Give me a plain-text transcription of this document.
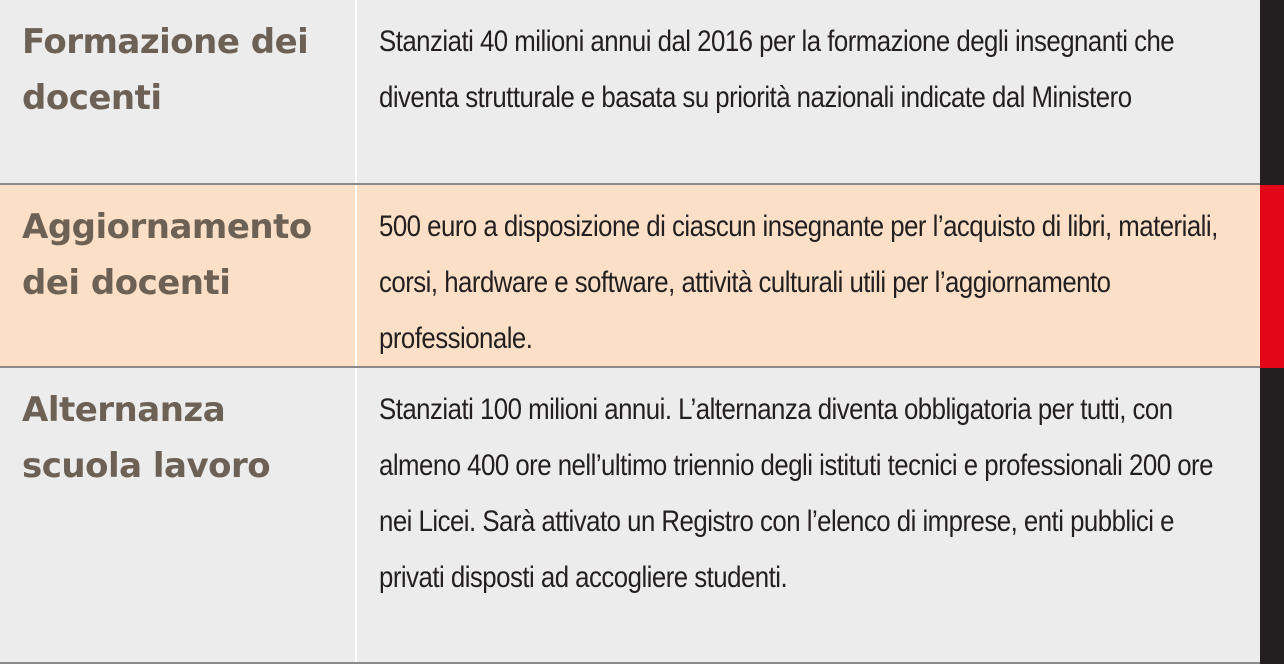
Formazione dei docenti
Stanziati 40 milioni annui dal 2016 per la formazione degli insegnanti che diventa strutturale e basata su priorità nazionali indicate dal Ministero
Aggiornamento dei docenti
500 euro a disposizione di ciascun insegnante per l’acquisto di libri, materiali, corsi, hardware e software, attività culturali utili per l’aggiornamento professionale.
Alternanza scuola lavoro
Stanziati 100 milioni annui. L’alternanza diventa obbligatoria per tutti, con almeno 400 ore nell’ultimo triennio degli istituti tecnici e professionali 200 ore nei Licei. Sarà attivato un Registro con l’elenco di imprese, enti pubblici e privati disposti ad accogliere studenti.
